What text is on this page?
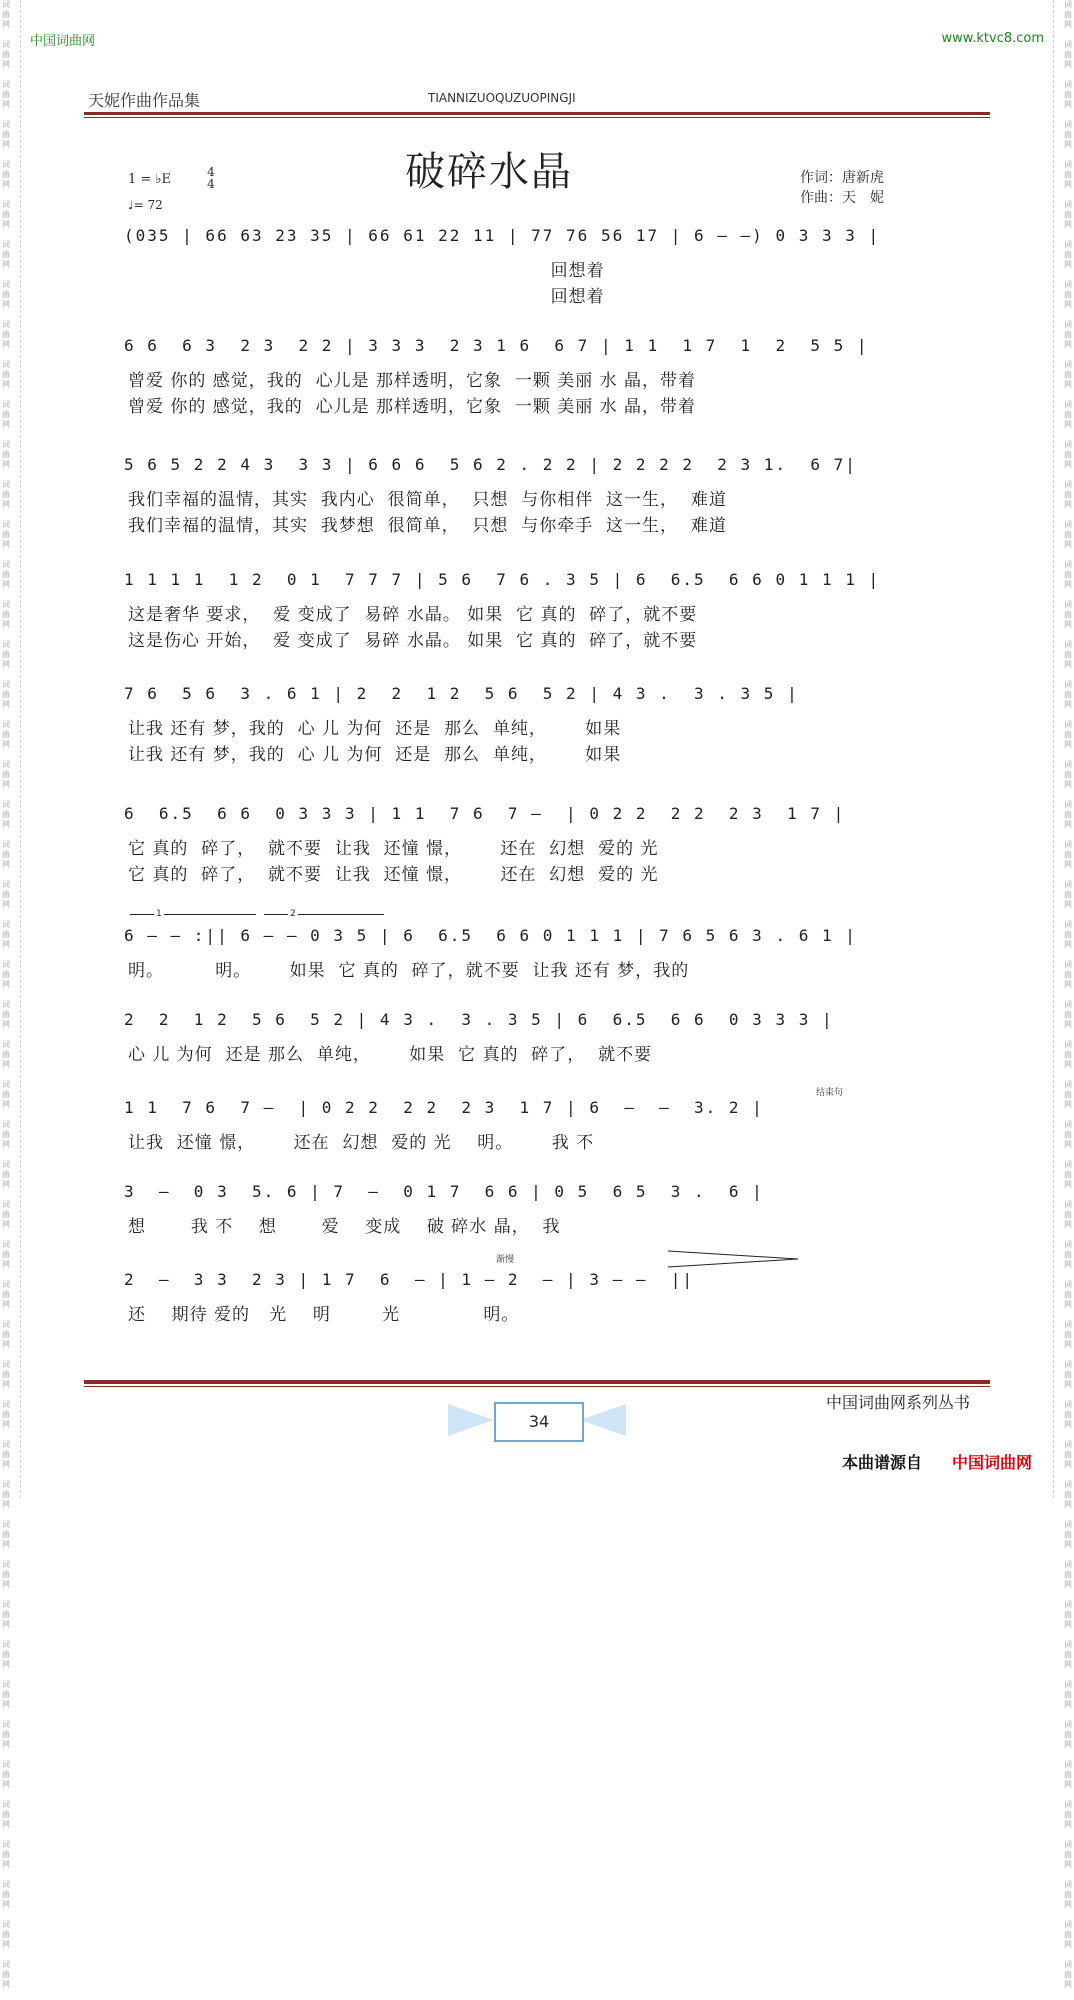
词
曲
网

词
曲
网

词
曲
网

词
曲
网

词
曲
网

词
曲
网

词
曲
网

词
曲
网

词
曲
网

词
曲
网

词
曲
网

词
曲
网

词
曲
网

词
曲
网

词
曲
网

词
曲
网

词
曲
网

词
曲
网

词
曲
网

词
曲
网

词
曲
网

词
曲
网

词
曲
网

词
曲
网

词
曲
网

词
曲
网

词
曲
网

词
曲
网

词
曲
网

词
曲
网

词
曲
网

词
曲
网

词
曲
网

词
曲
网

词
曲
网

词
曲
网

词
曲
网

词
曲
网

词
曲
网

词
曲
网

词
曲
网

词
曲
网

词
曲
网

词
曲
网

词
曲
网

词
曲
网

词
曲
网

词
曲
网

词
曲
网

词
曲
网

词
曲
网

词
曲
网

词
曲
网

词
曲
网

词
曲
网

词
曲
网

词
曲
网

词
曲
网

词
曲
网

词
曲
网

词
曲
网

词
曲
网

词
曲
网

词
曲
网

词
曲
网

词
曲
网

词
曲
网

词
曲
网

词
曲
网

词
曲
网

词
曲
网

词
曲
网

词
曲
网

词
曲
网

词
曲
网

词
曲
网

词
曲
网

词
曲
网

词
曲
网

词
曲
网

词
曲
网

词
曲
网

词
曲
网

词
曲
网

词
曲
网

词
曲
网

词
曲
网

词
曲
网

词
曲
网

词
曲
网

词
曲
网

词
曲
网

词
曲
网

词
曲
网

词
曲
网

词
曲
网

词
曲
网

词
曲
网

词
曲
网

词
曲
网

中国词曲网	www.ktvc8.com
天妮作曲作品集	TIANNIZUOQUZUOPINGJI
破碎水晶
1 = ♭E	4
4
♩= 72
作词：唐新虎
作曲：天　妮
(035 | 66 63 23 35 | 66 61 22 11 | 77 76 56 17 | 6 — —) 0 3 3 3 |
回想着
回想着
6 6  6 3  2 3  2 2 | 3 3 3  2 3 1 6  6 7 | 1 1  1 7  1  2  5 5 |
曾爱 你的 感觉，我的  心儿是 那样透明，它象  一颗 美丽 水 晶，带着
曾爱 你的 感觉，我的  心儿是 那样透明，它象  一颗 美丽 水 晶，带着
5 6 5 2 2 4 3  3 3 | 6 6 6  5 6 2 . 2 2 | 2 2 2 2  2 3 1.  6 7|
我们幸福的温情，其实  我内心  很简单，  只想  与你相伴  这一生，  难道
我们幸福的温情，其实  我梦想  很简单，  只想  与你牵手  这一生，  难道
1 1 1 1  1 2  0 1  7 7 7 | 5 6  7 6 . 3 5 | 6  6.5  6 6 0 1 1 1 |
这是奢华 要求，  爱 变成了  易碎 水晶。 如果  它 真的  碎了，就不要
这是伤心 开始，  爱 变成了  易碎 水晶。 如果  它 真的  碎了，就不要
7 6  5 6  3 . 6 1 | 2  2  1 2  5 6  5 2 | 4 3 .  3 . 3 5 |
让我 还有 梦，我的  心 儿 为何  还是  那么  单纯，      如果
让我 还有 梦，我的  心 儿 为何  还是  那么  单纯，      如果
6  6.5  6 6  0 3 3 3 | 1 1  7 6  7 —  | 0 2 2  2 2  2 3  1 7 |
它 真的  碎了，  就不要  让我  还憧 憬，      还在  幻想  爱的 光
它 真的  碎了，  就不要  让我  还憧 憬，      还在  幻想  爱的 光
1	2
6 — — :|| 6 — — 0 3 5 | 6  6.5  6 6 0 1 1 1 | 7 6 5 6 3 . 6 1 |
明。        明。      如果  它 真的  碎了，就不要  让我 还有 梦，我的
2  2  1 2  5 6  5 2 | 4 3 .  3 . 3 5 | 6  6.5  6 6  0 3 3 3 |
心 儿 为何  还是 那么  单纯，      如果  它 真的  碎了，  就不要
结束句
1 1  7 6  7 —  | 0 2 2  2 2  2 3  1 7 | 6  —  —  3. 2 |
让我  还憧 憬，      还在  幻想  爱的 光    明。      我 不
3  —  0 3  5. 6 | 7  —  0 1 7  6 6 | 0 5  6 5  3 .  6 |
想       我 不    想       爱    变成    破 碎水 晶，  我
渐慢
2  —  3 3  2 3 | 1 7  6  — | 1 — 2  — | 3 — —  ||
还    期待 爱的   光    明        光             明。
中国词曲网系列丛书
34
本曲谱源自 中国词曲网
